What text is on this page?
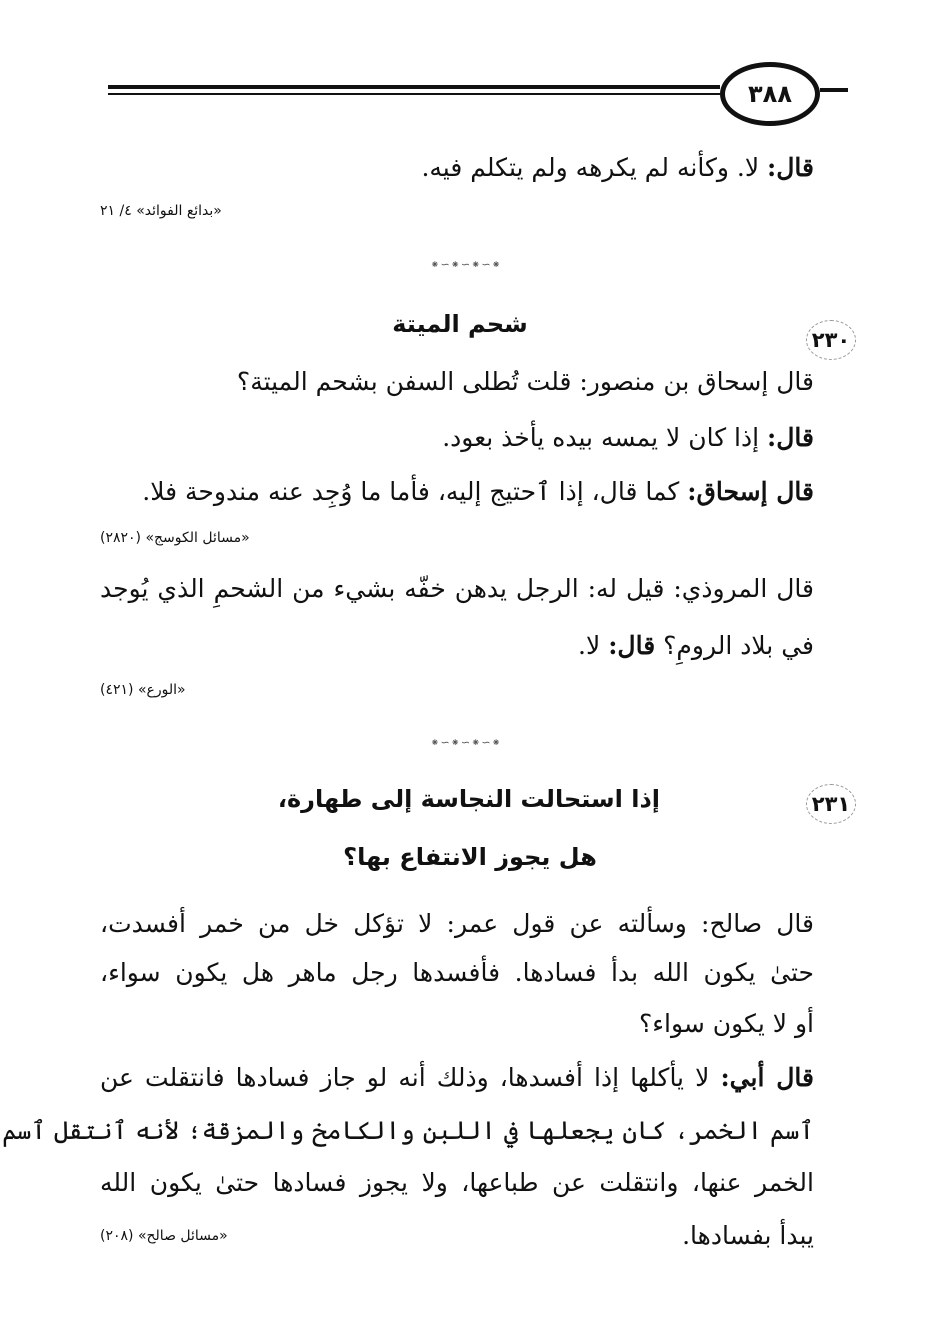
٣٨٨
قال: لا. وكأنه لم يكرهه ولم يتكلم فيه.
«بدائع الفوائد» ٤/ ٢١
⁕∽⁕∽⁕∽⁕
٢٣٠
شحم الميتة
قال إسحاق بن منصور: قلت تُطلى السفن بشحم الميتة؟
قال: إذا كان لا يمسه بيده يأخذ بعود.
قال إسحاق: كما قال، إذا ٱحتيج إليه، فأما ما وُجِد عنه مندوحة فلا.
«مسائل الكوسج» (٢٨٢٠)
قال المروذي: قيل له: الرجل يدهن خفّه بشيء من الشحمِ الذي يُوجد
في بلاد الرومِ؟ قال: لا.
«الورع» (٤٢١)
⁕∽⁕∽⁕∽⁕
٢٣١
إذا استحالت النجاسة إلى طهارة،
هل يجوز الانتفاع بها؟
قال صالح: وسألته عن قول عمر: لا تؤكل خل من خمر أفسدت،
حتىٰ يكون الله بدأ فسادها. فأفسدها رجل ماهر هل يكون سواء،
أو لا يكون سواء؟
قال أبي: لا يأكلها إذا أفسدها، وذلك أنه لو جاز فسادها فانتقلت عن
ٱسم الخمر، كان يجعلها في اللبن والكامخ والمزقة؛ لأنه ٱنتقل ٱسم
الخمر عنها، وانتقلت عن طباعها، ولا يجوز فسادها حتىٰ يكون الله
يبدأ بفسادها.
«مسائل صالح» (٢٠٨)
